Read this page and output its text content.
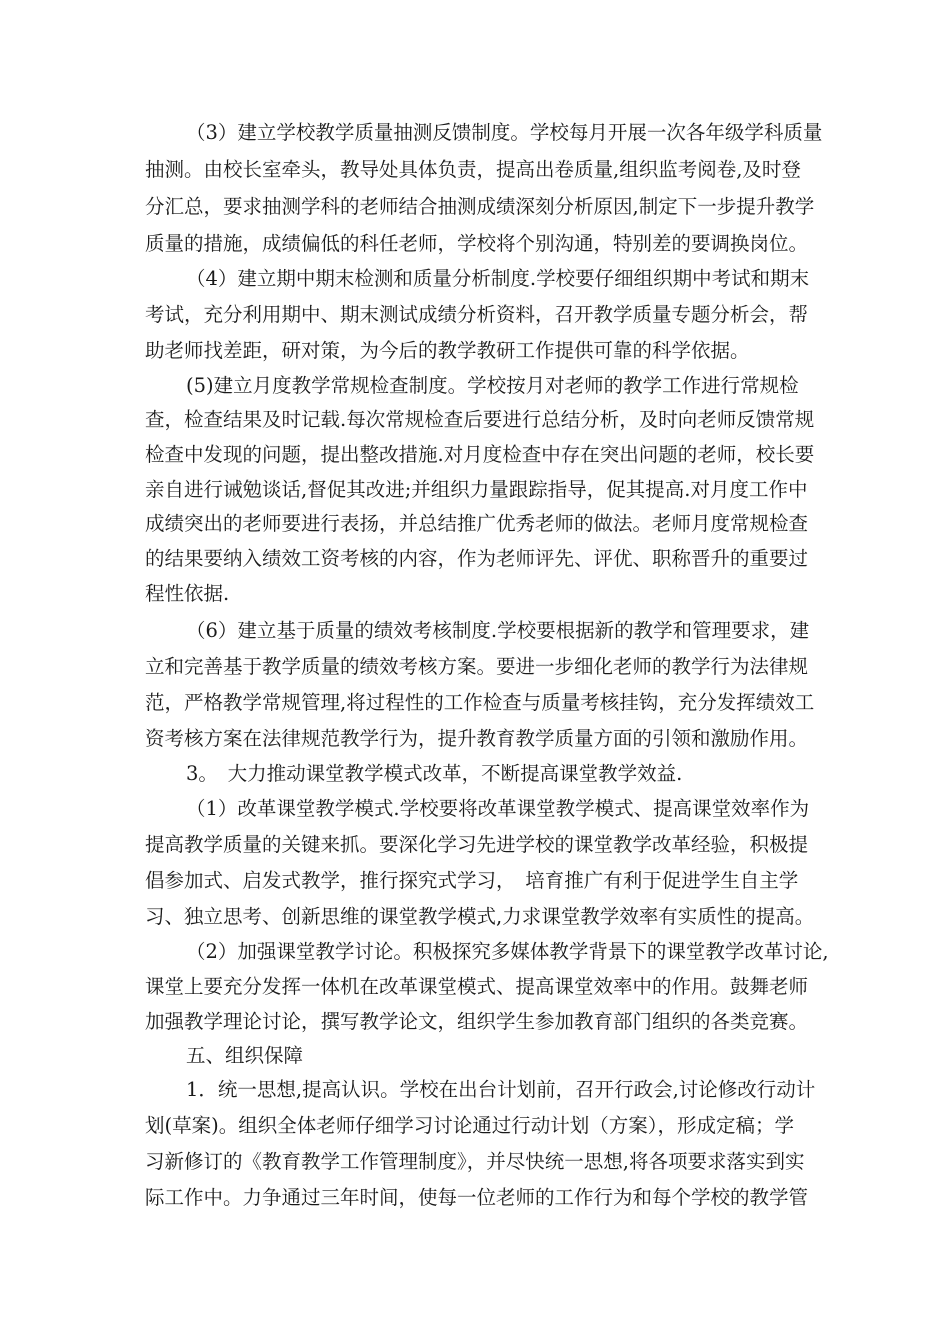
（3）建立学校教学质量抽测反馈制度。学校每月开展一次各年级学科质量
抽测。由校长室牵头，教导处具体负责，提高出卷质量,组织监考阅卷,及时登
分汇总，要求抽测学科的老师结合抽测成绩深刻分析原因,制定下一步提升教学
质量的措施，成绩偏低的科任老师，学校将个别沟通，特别差的要调换岗位。
（4）建立期中期末检测和质量分析制度.学校要仔细组织期中考试和期末
考试，充分利用期中、期末测试成绩分析资料，召开教学质量专题分析会，帮
助老师找差距，研对策，为今后的教学教研工作提供可靠的科学依据。
(5)建立月度教学常规检查制度。学校按月对老师的教学工作进行常规检
查，检查结果及时记载.每次常规检查后要进行总结分析，及时向老师反馈常规
检查中发现的问题，提出整改措施.对月度检查中存在突出问题的老师，校长要
亲自进行诫勉谈话,督促其改进;并组织力量跟踪指导，促其提高.对月度工作中
成绩突出的老师要进行表扬，并总结推广优秀老师的做法。老师月度常规检查
的结果要纳入绩效工资考核的内容，作为老师评先、评优、职称晋升的重要过
程性依据.
（6）建立基于质量的绩效考核制度.学校要根据新的教学和管理要求，建
立和完善基于教学质量的绩效考核方案。要进一步细化老师的教学行为法律规
范，严格教学常规管理,将过程性的工作检查与质量考核挂钩，充分发挥绩效工
资考核方案在法律规范教学行为，提升教育教学质量方面的引领和激励作用。
3。　大力推动课堂教学模式改革，不断提高课堂教学效益.
（1）改革课堂教学模式.学校要将改革课堂教学模式、提高课堂效率作为
提高教学质量的关键来抓。要深化学习先进学校的课堂教学改革经验，积极提
倡参加式、启发式教学，推行探究式学习，　培育推广有利于促进学生自主学
习、独立思考、创新思维的课堂教学模式,力求课堂教学效率有实质性的提高。
（2）加强课堂教学讨论。积极探究多媒体教学背景下的课堂教学改革讨论,
课堂上要充分发挥一体机在改革课堂模式、提高课堂效率中的作用。鼓舞老师
加强教学理论讨论，撰写教学论文，组织学生参加教育部门组织的各类竞赛。
五、组织保障
1．统一思想,提高认识。学校在出台计划前，召开行政会,讨论修改行动计
划(草案)。组织全体老师仔细学习讨论通过行动计划（方案），形成定稿；学
习新修订的《教育教学工作管理制度》，并尽快统一思想,将各项要求落实到实
际工作中。力争通过三年时间，使每一位老师的工作行为和每个学校的教学管
